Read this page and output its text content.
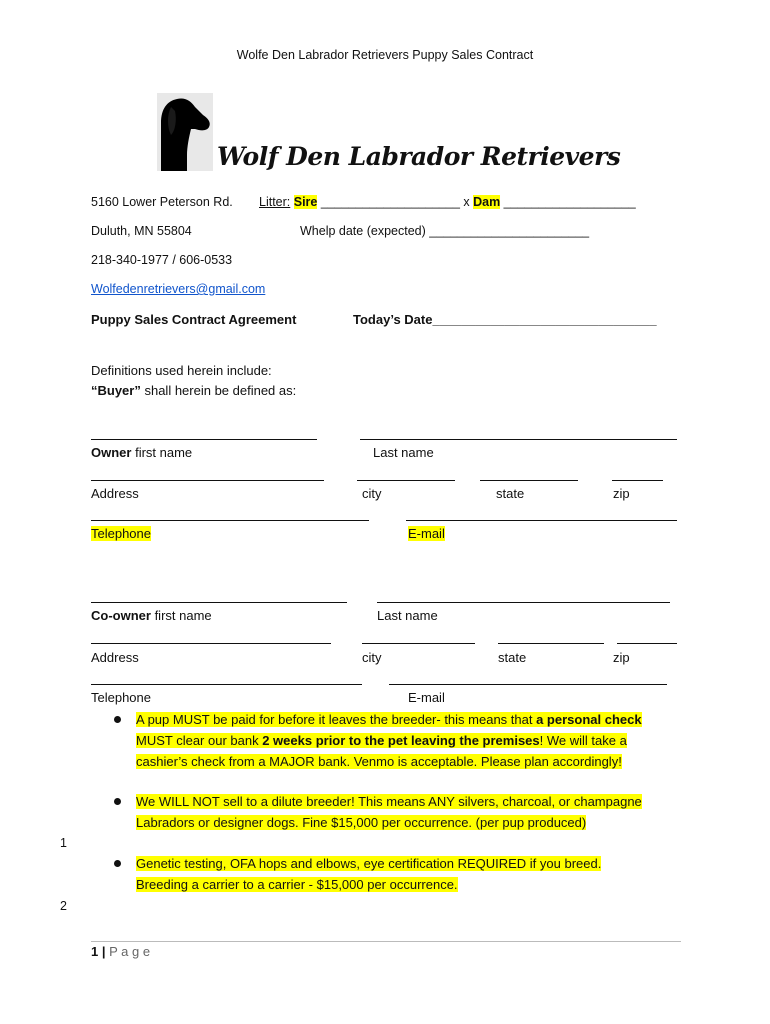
Wolfe Den Labrador Retrievers Puppy Sales Contract
Wolf Den Labrador Retrievers
5160 Lower Peterson Rd.
Duluth, MN 55804
218-340-1977 / 606-0533
Wolfedenretrievers@gmail.com
Litter: Sire ____________________ x Dam ___________________
Whelp date (expected) _______________________
Puppy Sales Contract Agreement	Today’s Date_______________________________
Definitions used herein include:
“Buyer” shall herein be defined as:
Owner first name	Last name
Address	city	state	zip
Telephone	E-mail
Co-owner first name	Last name
Address	city	state	zip
Telephone	E-mail
A pup MUST be paid for before it leaves the breeder- this means that a personal check
MUST clear our bank 2 weeks prior to the pet leaving the premises! We will take a
cashier’s check from a MAJOR bank. Venmo is acceptable. Please plan accordingly!
We WILL NOT sell to a dilute breeder! This means ANY silvers, charcoal, or champagne
Labradors or designer dogs. Fine $15,000 per occurrence. (per pup produced)
Genetic testing, OFA hops and elbows, eye certification REQUIRED if you breed.
Breeding a carrier to a carrier - $15,000 per occurrence.
1
2
1 | P a g e
